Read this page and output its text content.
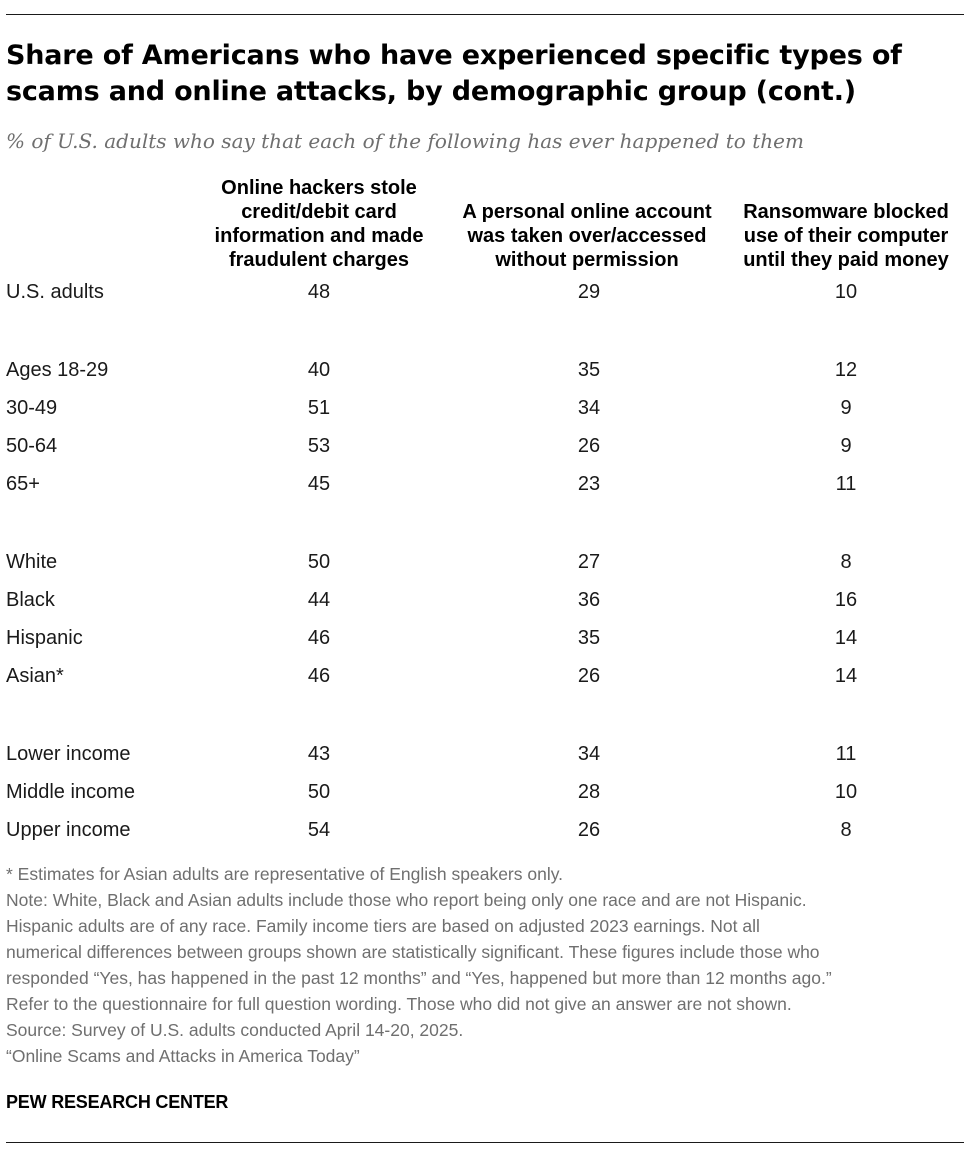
Share of Americans who have experienced specific types of scams and online attacks, by demographic group (cont.)

% of U.S. adults who say that each of the following has ever happened to them

Online hackers stole credit/debit card information and made fraudulent charges
A personal online account was taken over/accessed without permission
Ransomware blocked use of their computer until they paid money
U.S. adults	48	29	10
Ages 18-29	40	35	12
30-49	51	34	9
50-64	53	26	9
65+	45	23	11
White	50	27	8
Black	44	36	16
Hispanic	46	35	14
Asian*	46	26	14
Lower income	43	34	11
Middle income	50	28	10
Upper income	54	26	8
* Estimates for Asian adults are representative of English speakers only.
Note: White, Black and Asian adults include those who report being only one race and are not Hispanic.
Hispanic adults are of any race. Family income tiers are based on adjusted 2023 earnings. Not all
numerical differences between groups shown are statistically significant. These figures include those who
responded “Yes, has happened in the past 12 months” and “Yes, happened but more than 12 months ago.”
Refer to the questionnaire for full question wording. Those who did not give an answer are not shown.
Source: Survey of U.S. adults conducted April 14-20, 2025.
“Online Scams and Attacks in America Today”
PEW RESEARCH CENTER
